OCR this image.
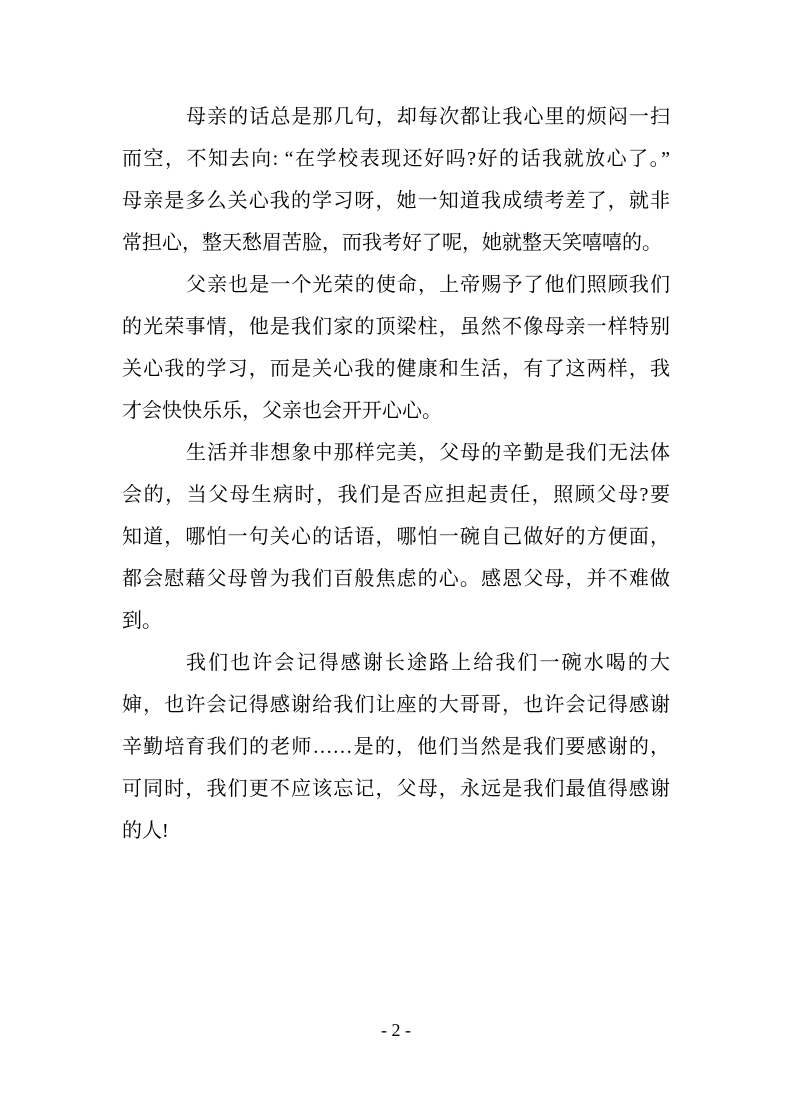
母亲的话总是那几句，却每次都让我心里的烦闷一扫
而空，不知去向: “在学校表现还好吗?好的话我就放心了。”
母亲是多么关心我的学习呀，她一知道我成绩考差了，就非
常担心，整天愁眉苦脸，而我考好了呢，她就整天笑嘻嘻的。
父亲也是一个光荣的使命，上帝赐予了他们照顾我们
的光荣事情，他是我们家的顶梁柱，虽然不像母亲一样特别
关心我的学习，而是关心我的健康和生活，有了这两样，我
才会快快乐乐，父亲也会开开心心。
生活并非想象中那样完美，父母的辛勤是我们无法体
会的，当父母生病时，我们是否应担起责任，照顾父母?要
知道，哪怕一句关心的话语，哪怕一碗自己做好的方便面，
都会慰藉父母曾为我们百般焦虑的心。感恩父母，并不难做
到。
我们也许会记得感谢长途路上给我们一碗水喝的大
婶，也许会记得感谢给我们让座的大哥哥，也许会记得感谢
辛勤培育我们的老师……是的，他们当然是我们要感谢的，
可同时，我们更不应该忘记，父母，永远是我们最值得感谢
的人!
- 2 -
